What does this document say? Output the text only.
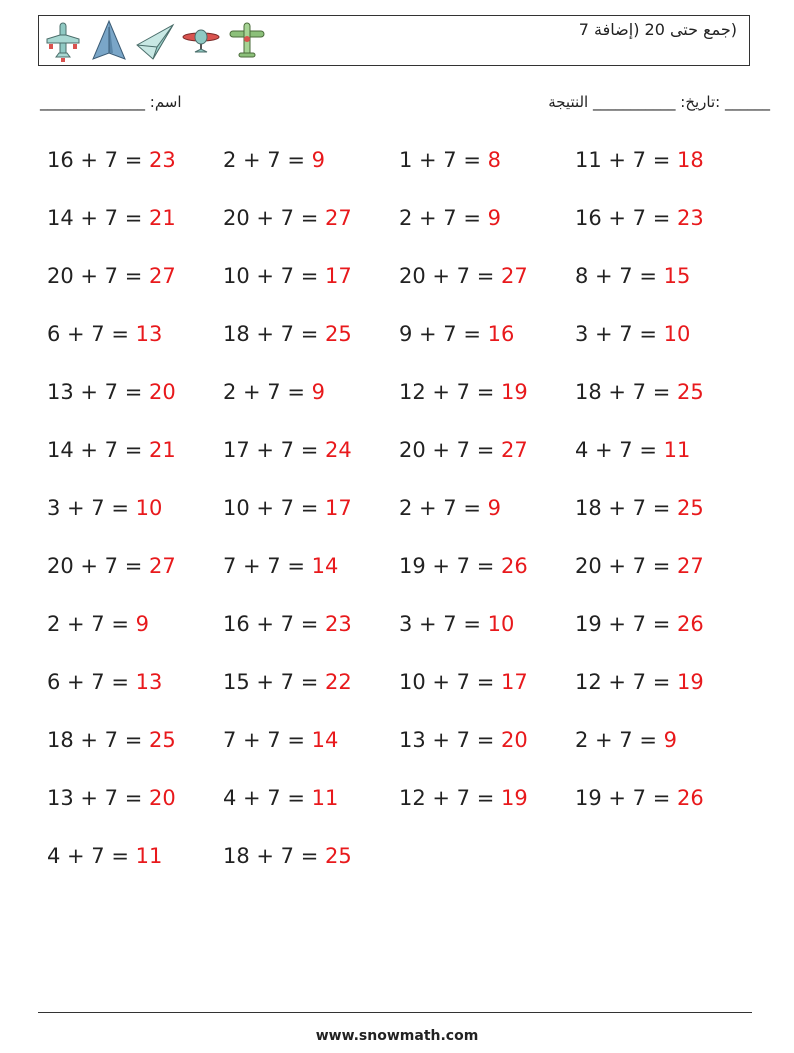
(جمع حتى 20 (إضافة 7
______ :تاريخ: ___________ النتيجة
اسم: ______________
16 + 7 = 23	2 + 7 = 9	1 + 7 = 8	11 + 7 = 18
14 + 7 = 21	20 + 7 = 27	2 + 7 = 9	16 + 7 = 23
20 + 7 = 27	10 + 7 = 17	20 + 7 = 27	8 + 7 = 15
6 + 7 = 13	18 + 7 = 25	9 + 7 = 16	3 + 7 = 10
13 + 7 = 20	2 + 7 = 9	12 + 7 = 19	18 + 7 = 25
14 + 7 = 21	17 + 7 = 24	20 + 7 = 27	4 + 7 = 11
3 + 7 = 10	10 + 7 = 17	2 + 7 = 9	18 + 7 = 25
20 + 7 = 27	7 + 7 = 14	19 + 7 = 26	20 + 7 = 27
2 + 7 = 9	16 + 7 = 23	3 + 7 = 10	19 + 7 = 26
6 + 7 = 13	15 + 7 = 22	10 + 7 = 17	12 + 7 = 19
18 + 7 = 25	7 + 7 = 14	13 + 7 = 20	2 + 7 = 9
13 + 7 = 20	4 + 7 = 11	12 + 7 = 19	19 + 7 = 26
4 + 7 = 11	18 + 7 = 25
www.snowmath.com
